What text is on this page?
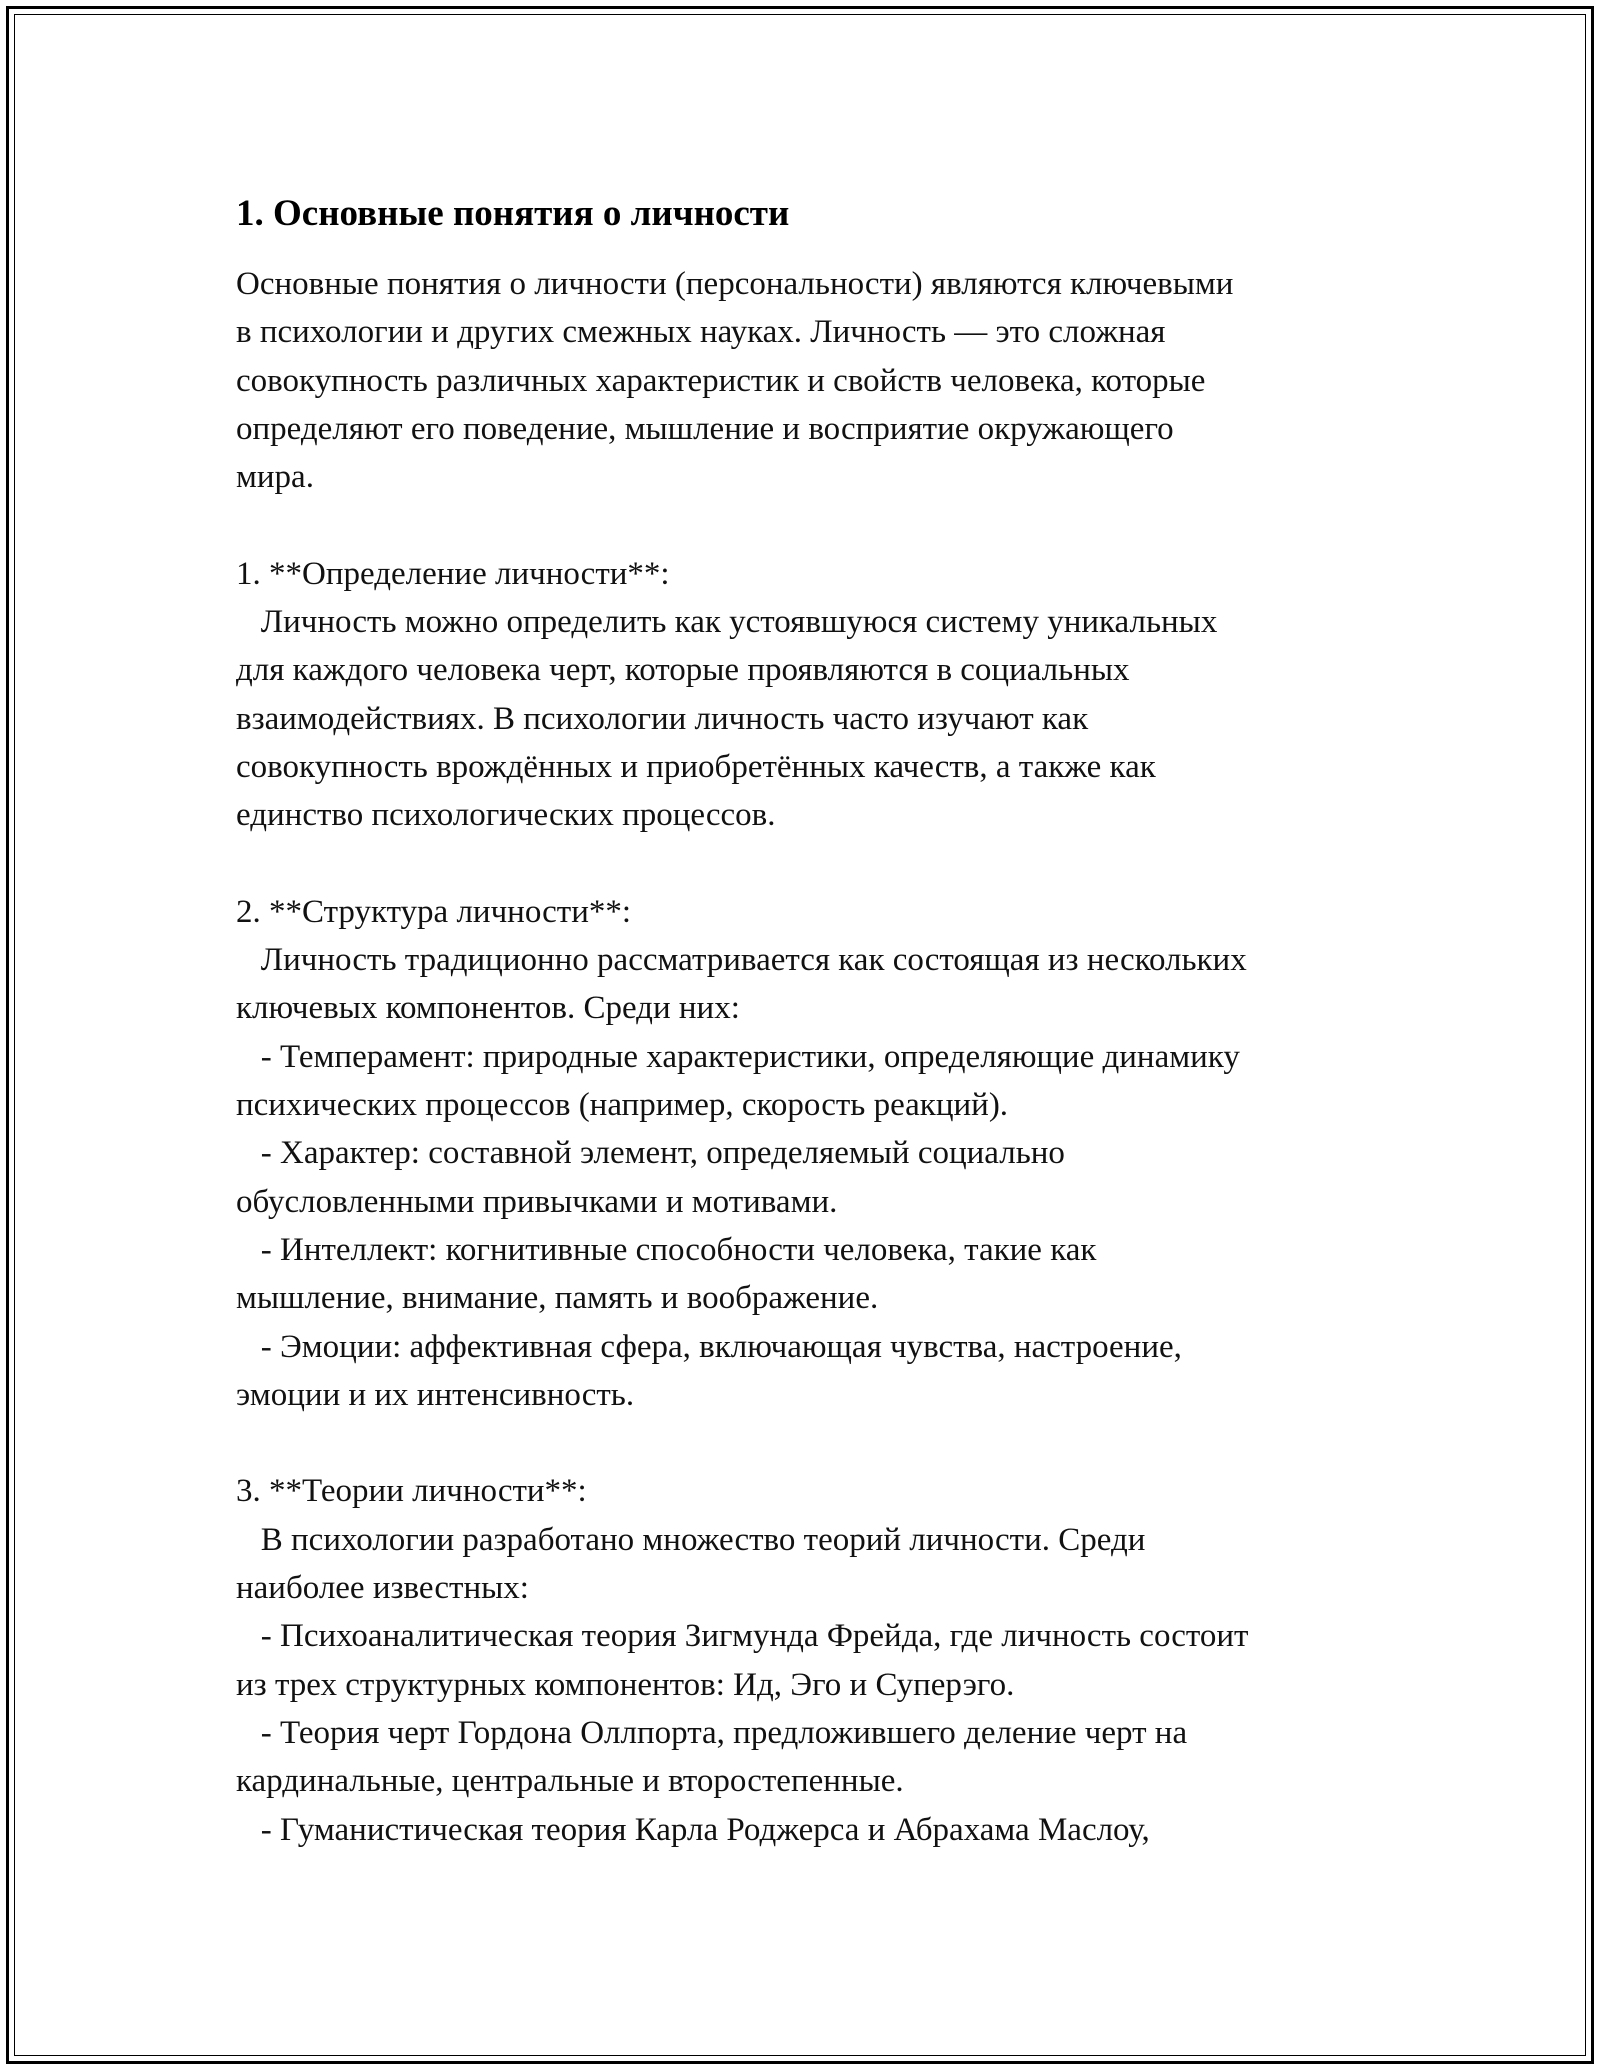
1. Основные понятия о личности

Основные понятия о личности (персональности) являются ключевыми

в психологии и других смежных науках. Личность — это сложная

совокупность различных характеристик и свойств человека, которые

определяют его поведение, мышление и восприятие окружающего

мира.

1. **Определение личности**:

Личность можно определить как устоявшуюся систему уникальных

для каждого человека черт, которые проявляются в социальных

взаимодействиях. В психологии личность часто изучают как

совокупность врождённых и приобретённых качеств, а также как

единство психологических процессов.

2. **Структура личности**:

Личность традиционно рассматривается как состоящая из нескольких

ключевых компонентов. Среди них:

- Темперамент: природные характеристики, определяющие динамику

психических процессов (например, скорость реакций).

- Характер: составной элемент, определяемый социально

обусловленными привычками и мотивами.

- Интеллект: когнитивные способности человека, такие как

мышление, внимание, память и воображение.

- Эмоции: аффективная сфера, включающая чувства, настроение,

эмоции и их интенсивность.

3. **Теории личности**:

В психологии разработано множество теорий личности. Среди

наиболее известных:

- Психоаналитическая теория Зигмунда Фрейда, где личность состоит

из трех структурных компонентов: Ид, Эго и Суперэго.

- Теория черт Гордона Оллпорта, предложившего деление черт на

кардинальные, центральные и второстепенные.

- Гуманистическая теория Карла Роджерса и Абрахама Маслоу,
